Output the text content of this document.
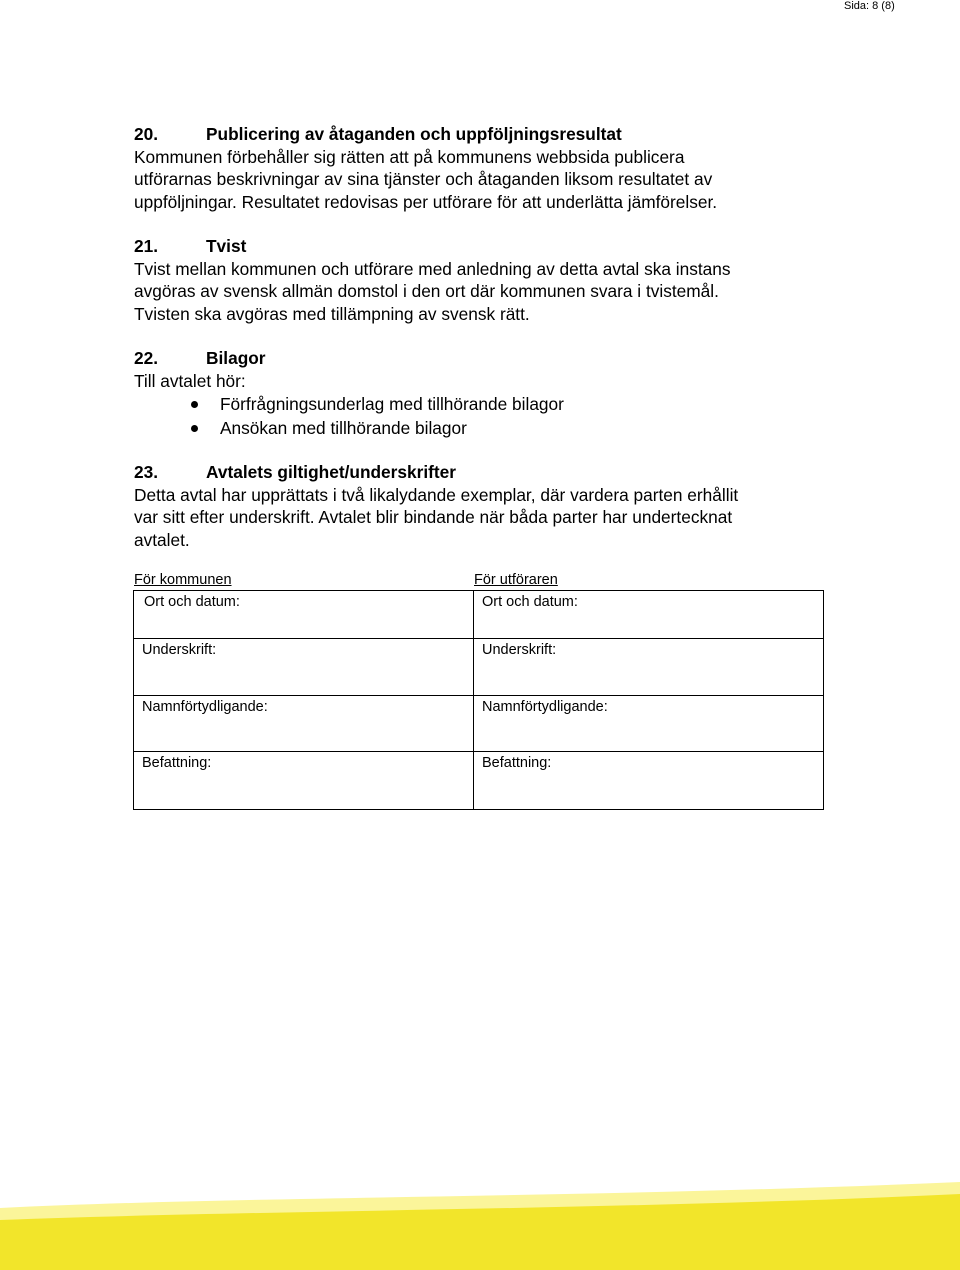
Sida: 8 (8)
20.	Publicering av åtaganden och uppföljningsresultat
Kommunen förbehåller sig rätten att på kommunens webbsida publicera
utförarnas beskrivningar av sina tjänster och åtaganden liksom resultatet av
uppföljningar. Resultatet redovisas per utförare för att underlätta jämförelser.
21.	Tvist
Tvist mellan kommunen och utförare med anledning av detta avtal ska instans
avgöras av svensk allmän domstol i den ort där kommunen svara i tvistemål.
Tvisten ska avgöras med tillämpning av svensk rätt.
22.	Bilagor
Till avtalet hör:
Förfrågningsunderlag med tillhörande bilagor
Ansökan med tillhörande bilagor
23.	Avtalets giltighet/underskrifter
Detta avtal har upprättats i två likalydande exemplar, där vardera parten erhållit
var sitt efter underskrift. Avtalet blir bindande när båda parter har undertecknat
avtalet.
För kommunen	För utföraren
Ort och datum:	Ort och datum:

Underskrift:	Underskrift:

Namnförtydligande:	Namnförtydligande:

Befattning:	Befattning:
